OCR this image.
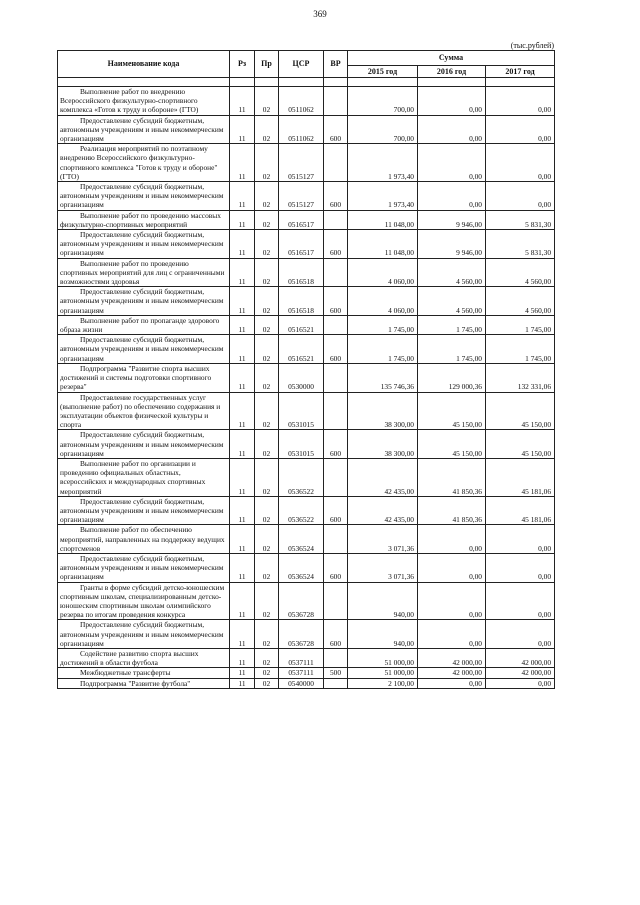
369
(тыс.рублей)
Наименование кода	Рз	Пр	ЦСР	ВР	Сумма		
					2015 год	2016 год	2017 год

Выполнение работ по внедрению Всероссийского физкультурно-спортивного комплекса «Готов к труду и обороне» (ГТО)	11	02	0511062		700,00	0,00	0,00
Предоставление субсидий бюджетным, автономным учреждениям и иным некоммерческим организациям	11	02	0511062	600	700,00	0,00	0,00
Реализация мероприятий по поэтапному внедрению Всероссийского физкультурно-спортивного комплекса "Готов к труду и обороне" (ГТО)	11	02	0515127		1 973,40	0,00	0,00
Предоставление субсидий бюджетным, автономным учреждениям и иным некоммерческим организациям	11	02	0515127	600	1 973,40	0,00	0,00
Выполнение работ по проведению массовых физкультурно-спортивных мероприятий	11	02	0516517		11 048,00	9 946,00	5 831,30
Предоставление субсидий бюджетным, автономным учреждениям и иным некоммерческим организациям	11	02	0516517	600	11 048,00	9 946,00	5 831,30
Выполнение работ по проведению спортивных мероприятий для лиц с ограниченными возможностями здоровья	11	02	0516518		4 060,00	4 560,00	4 560,00
Предоставление субсидий бюджетным, автономным учреждениям и иным некоммерческим организациям	11	02	0516518	600	4 060,00	4 560,00	4 560,00
Выполнение работ по пропаганде здорового образа жизни	11	02	0516521		1 745,00	1 745,00	1 745,00
Предоставление субсидий бюджетным, автономным учреждениям и иным некоммерческим организациям	11	02	0516521	600	1 745,00	1 745,00	1 745,00
Подпрограмма "Развитие спорта высших достижений и системы подготовки спортивного резерва"	11	02	0530000		135 746,36	129 000,36	132 331,06
Предоставление государственных услуг (выполнение работ) по обеспечению содержания и эксплуатации объектов физической культуры и спорта	11	02	0531015		38 300,00	45 150,00	45 150,00
Предоставление субсидий бюджетным, автономным учреждениям и иным некоммерческим организациям	11	02	0531015	600	38 300,00	45 150,00	45 150,00
Выполнение работ по организации и проведению официальных областных, всероссийских и международных спортивных мероприятий	11	02	0536522		42 435,00	41 850,36	45 181,06
Предоставление субсидий бюджетным, автономным учреждениям и иным некоммерческим организациям	11	02	0536522	600	42 435,00	41 850,36	45 181,06
Выполнение работ по обеспечению мероприятий, направленных на поддержку ведущих спортсменов	11	02	0536524		3 071,36	0,00	0,00
Предоставление субсидий бюджетным, автономным учреждениям и иным некоммерческим организациям	11	02	0536524	600	3 071,36	0,00	0,00
Гранты в форме субсидий детско-юношеским спортивным школам, специализированным детско-юношеским спортивным школам олимпийского резерва по итогам проведения конкурса	11	02	0536728		940,00	0,00	0,00
Предоставление субсидий бюджетным, автономным учреждениям и иным некоммерческим организациям	11	02	0536728	600	940,00	0,00	0,00
Содействие развитию спорта высших достижений в области футбола	11	02	0537111		51 000,00	42 000,00	42 000,00
Межбюджетные трансферты	11	02	0537111	500	51 000,00	42 000,00	42 000,00
Подпрограмма "Развитие футбола"	11	02	0540000		2 100,00	0,00	0,00
